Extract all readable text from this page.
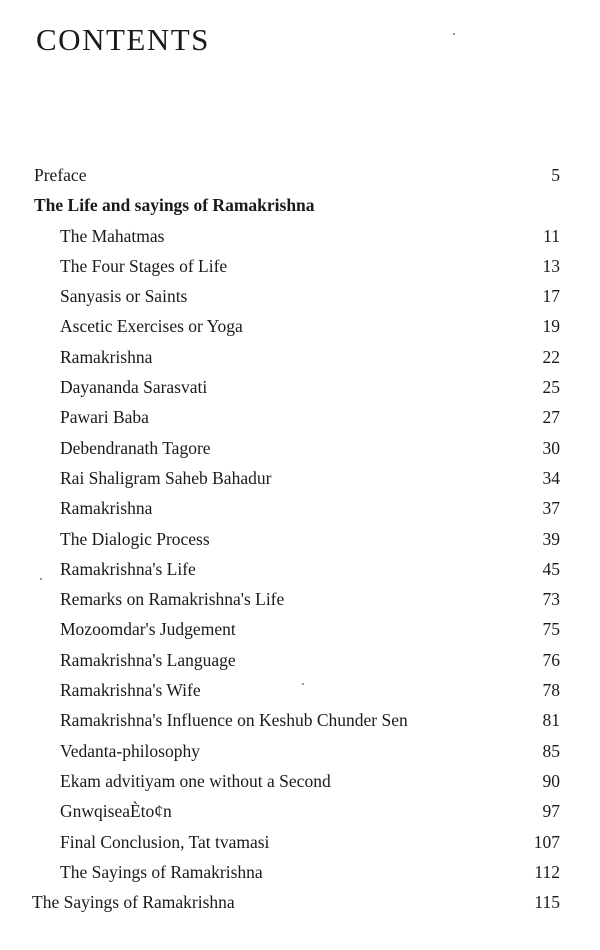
CONTENTS
Preface	5
The Life and sayings of Ramakrishna
The Mahatmas	11
The Four Stages of Life	13
Sanyasis or Saints	17
Ascetic Exercises or Yoga	19
Ramakrishna	22
Dayananda Sarasvati	25
Pawari Baba	27
Debendranath Tagore	30
Rai Shaligram Saheb Bahadur	34
Ramakrishna	37
The Dialogic Process	39
Ramakrishna's Life	45
Remarks on Ramakrishna's Life	73
Mozoomdar's Judgement	75
Ramakrishna's Language	76
Ramakrishna's Wife	78
Ramakrishna's Influence on Keshub Chunder Sen	81
Vedanta-philosophy	85
Ekam advitiyam one without a Second	90
GnwqiseaÈto¢n	97
Final Conclusion, Tat tvamasi	107
The Sayings of Ramakrishna	112
The Sayings of Ramakrishna	115
